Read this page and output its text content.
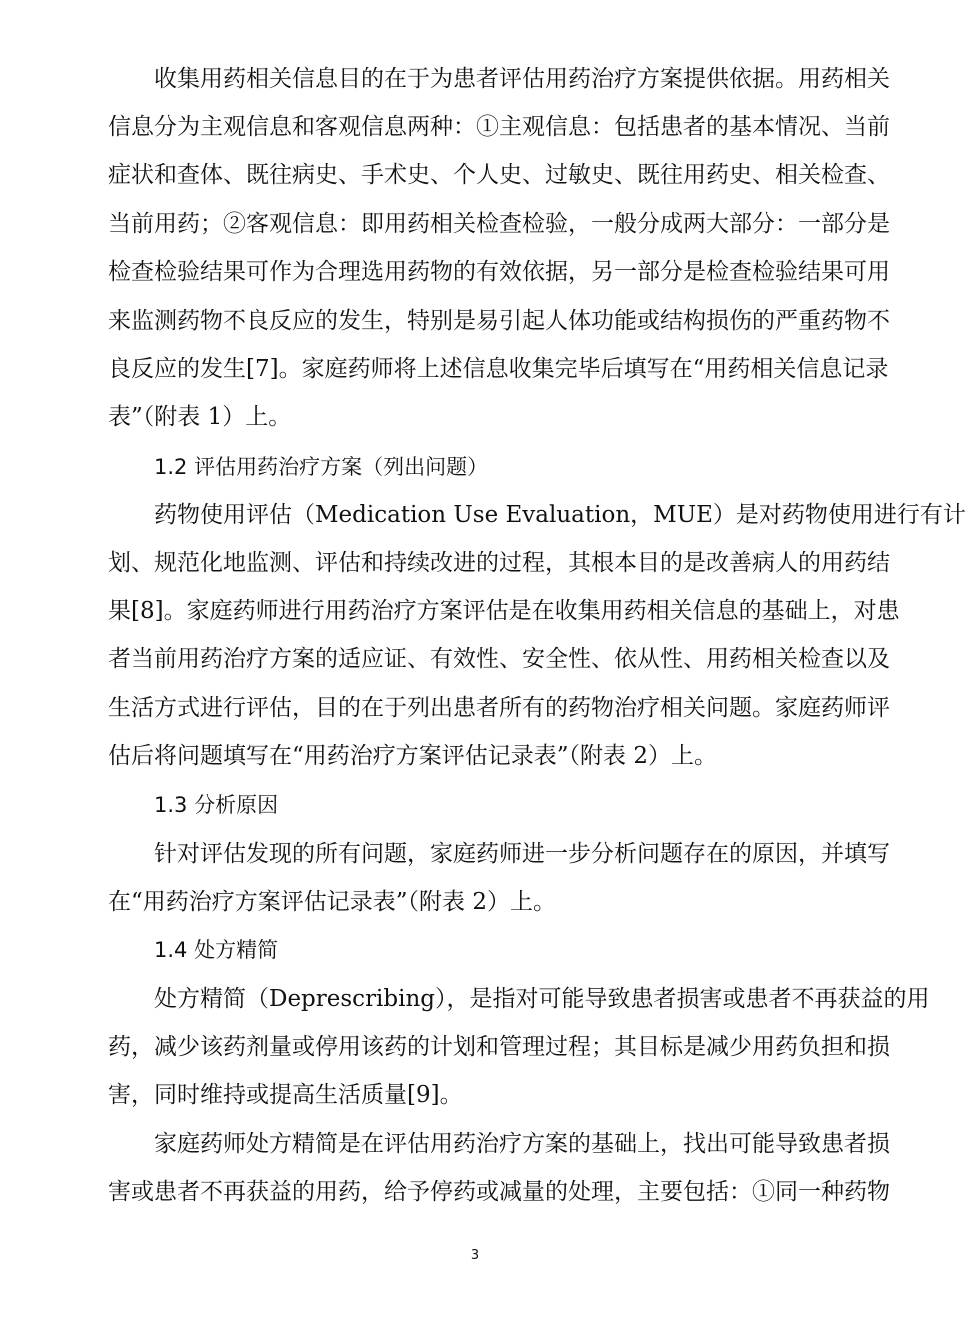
收集用药相关信息目的在于为患者评估用药治疗方案提供依据。用药相关
信息分为主观信息和客观信息两种：①主观信息：包括患者的基本情况、当前
症状和查体、既往病史、手术史、个人史、过敏史、既往用药史、相关检查、
当前用药；②客观信息：即用药相关检查检验，一般分成两大部分：一部分是
检查检验结果可作为合理选用药物的有效依据，另一部分是检查检验结果可用
来监测药物不良反应的发生，特别是易引起人体功能或结构损伤的严重药物不
良反应的发生[7]。家庭药师将上述信息收集完毕后填写在“用药相关信息记录
表”（附表 1）上。
1.2 评估用药治疗方案（列出问题）
药物使用评估（Medication Use Evaluation，MUE）是对药物使用进行有计
划、规范化地监测、评估和持续改进的过程，其根本目的是改善病人的用药结
果[8]。家庭药师进行用药治疗方案评估是在收集用药相关信息的基础上，对患
者当前用药治疗方案的适应证、有效性、安全性、依从性、用药相关检查以及
生活方式进行评估，目的在于列出患者所有的药物治疗相关问题。家庭药师评
估后将问题填写在“用药治疗方案评估记录表”（附表 2）上。
1.3 分析原因
针对评估发现的所有问题，家庭药师进一步分析问题存在的原因，并填写
在“用药治疗方案评估记录表”（附表 2）上。
1.4 处方精简
处方精简（Deprescribing），是指对可能导致患者损害或患者不再获益的用
药，减少该药剂量或停用该药的计划和管理过程；其目标是减少用药负担和损
害，同时维持或提高生活质量[9]。
家庭药师处方精简是在评估用药治疗方案的基础上，找出可能导致患者损
害或患者不再获益的用药，给予停药或减量的处理，主要包括：①同一种药物
3
